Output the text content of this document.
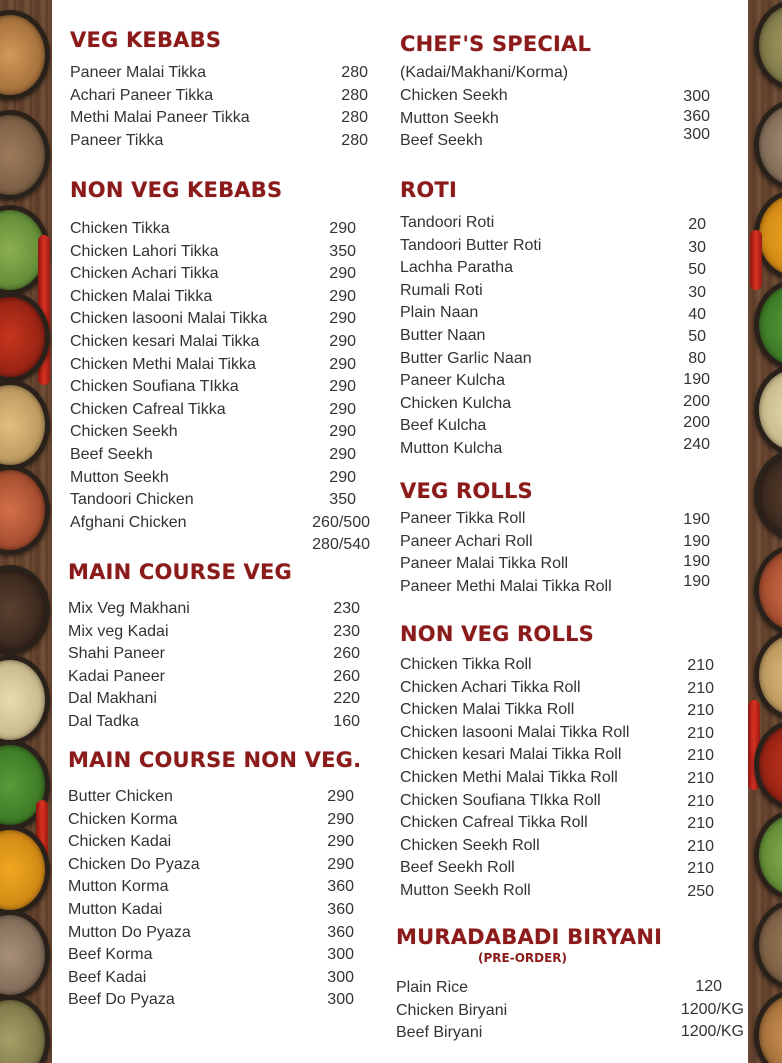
VEG KEBABS
Paneer Malai Tikka	280
Achari Paneer Tikka	280
Methi Malai Paneer Tikka	280
Paneer Tikka	280
NON VEG KEBABS
Chicken Tikka	290
Chicken Lahori Tikka	350
Chicken Achari Tikka	290
Chicken Malai Tikka	290
Chicken lasooni Malai Tikka	290
Chicken kesari Malai Tikka	290
Chicken Methi Malai Tikka	290
Chicken Soufiana TIkka	290
Chicken Cafreal Tikka	290
Chicken Seekh	290
Beef Seekh	290
Mutton Seekh	290
Tandoori Chicken	350
Afghani Chicken	260/500
280/540
MAIN COURSE VEG
Mix Veg Makhani	230
Mix veg Kadai	230
Shahi Paneer	260
Kadai Paneer	260
Dal Makhani	220
Dal Tadka	160
MAIN COURSE NON VEG.
Butter Chicken	290
Chicken Korma	290
Chicken Kadai	290
Chicken Do Pyaza	290
Mutton Korma	360
Mutton Kadai	360
Mutton Do Pyaza	360
Beef Korma	300
Beef Kadai	300
Beef Do Pyaza	300
CHEF'S SPECIAL
(Kadai/Makhani/Korma)
Chicken Seekh	300
Mutton Seekh	360
Beef Seekh	300
ROTI
Tandoori Roti	20
Tandoori Butter Roti	30
Lachha Paratha	50
Rumali Roti	30
Plain Naan	40
Butter Naan	50
Butter Garlic Naan	80
Paneer Kulcha	190
Chicken Kulcha	200
Beef Kulcha	200
Mutton Kulcha	240
VEG ROLLS
Paneer Tikka Roll	190
Paneer Achari Roll	190
Paneer Malai Tikka Roll	190
Paneer Methi Malai Tikka Roll	190
NON VEG ROLLS
Chicken Tikka Roll	210
Chicken Achari Tikka Roll	210
Chicken Malai Tikka Roll	210
Chicken lasooni Malai Tikka Roll	210
Chicken kesari Malai Tikka Roll	210
Chicken Methi Malai Tikka Roll	210
Chicken Soufiana TIkka Roll	210
Chicken Cafreal Tikka Roll	210
Chicken Seekh Roll	210
Beef Seekh Roll	210
Mutton Seekh Roll	250
MURADABADI BIRYANI
(PRE-ORDER)
Plain Rice	120
Chicken Biryani	1200/KG
Beef Biryani	1200/KG
